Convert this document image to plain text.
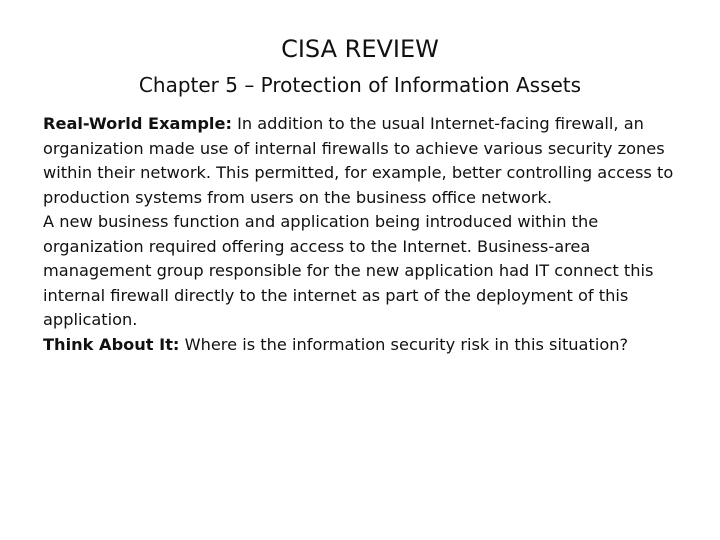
CISA REVIEW
Chapter 5 – Protection of Information Assets

Real-World Example: In addition to the usual Internet-facing firewall, an organization made use of internal firewalls to achieve various security zones within their network. This permitted, for example, better controlling access to production systems from users on the business office network.

A new business function and application being introduced within the organization required offering access to the Internet. Business-area management group responsible for the new application had IT connect this internal firewall directly to the internet as part of the deployment of this application.

Think About It: Where is the information security risk in this situation?
